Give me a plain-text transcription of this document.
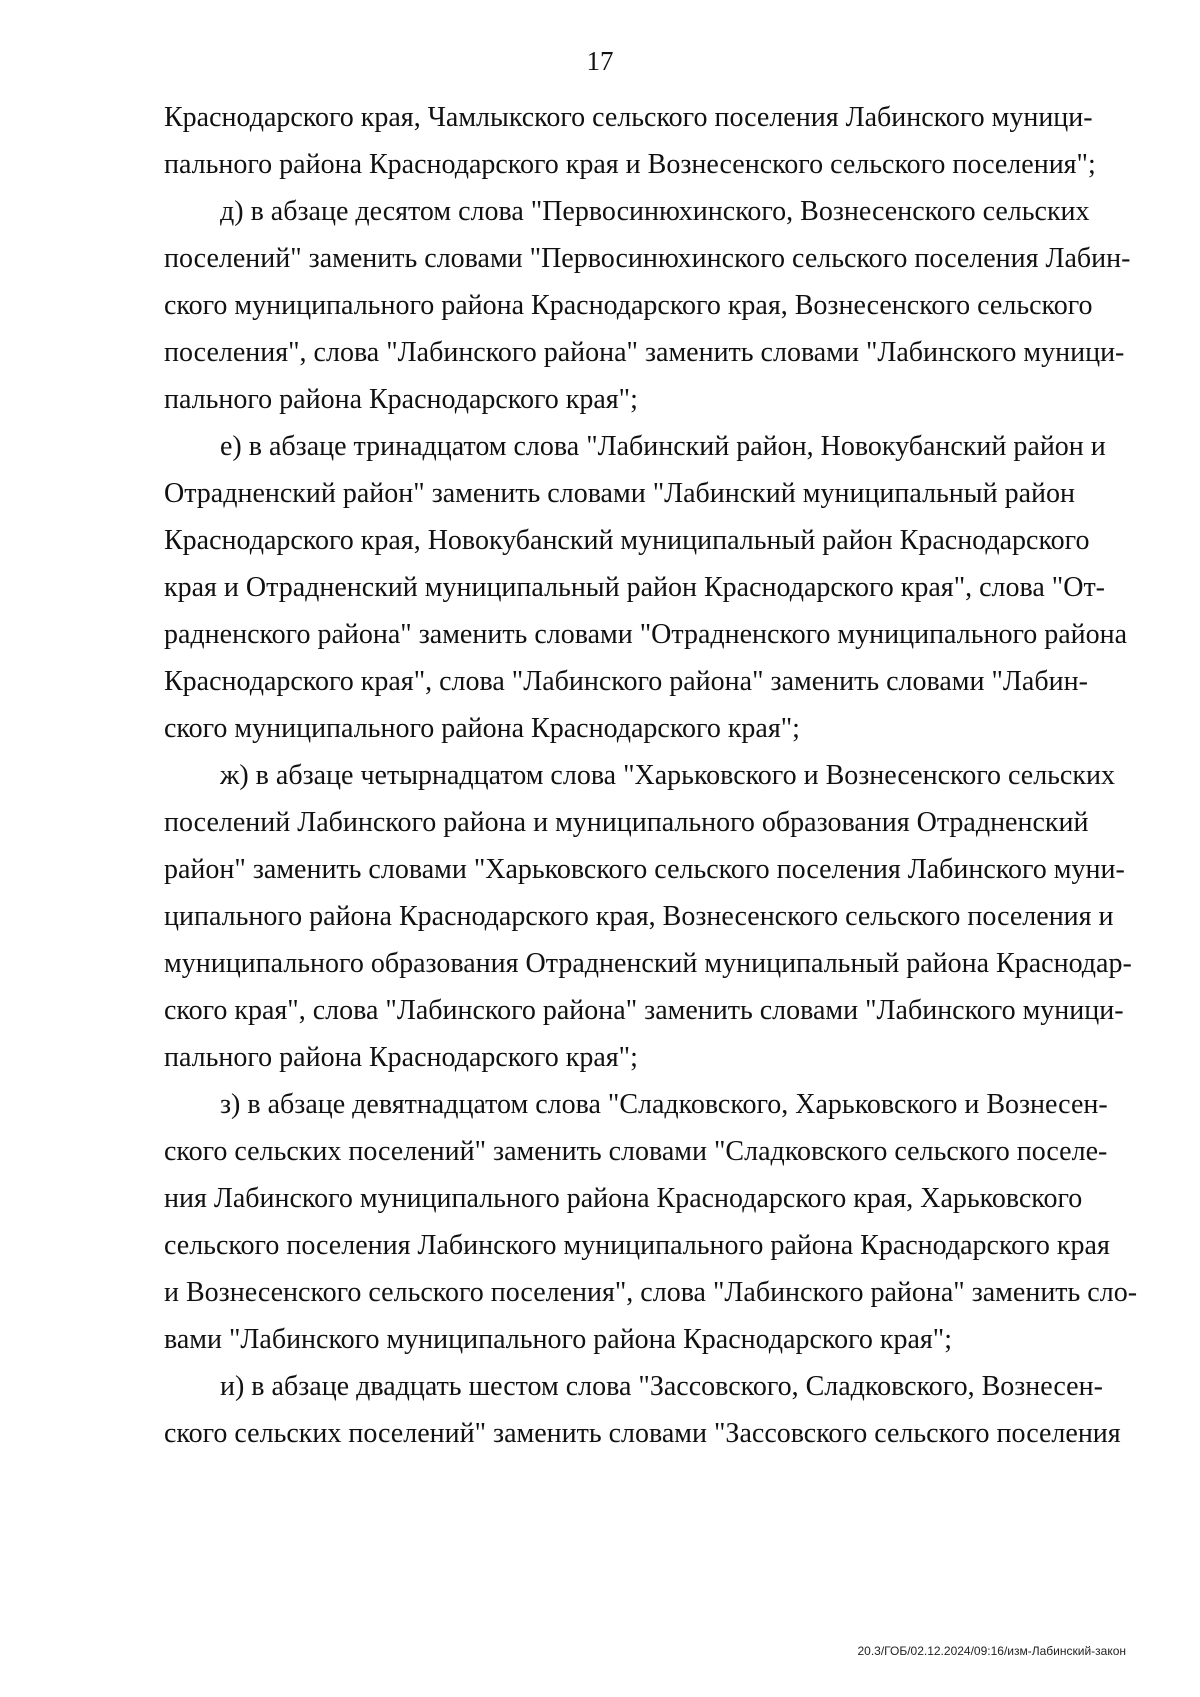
17

Краснодарского края, Чамлыкского сельского поселения Лабинского муници-
пального района Краснодарского края и Вознесенского сельского поселения";

д) в абзаце десятом слова "Первосинюхинского, Вознесенского сельских
поселений" заменить словами "Первосинюхинского сельского поселения Лабин-
ского муниципального района Краснодарского края, Вознесенского сельского
поселения", слова "Лабинского района" заменить словами "Лабинского муници-
пального района Краснодарского края";

е) в абзаце тринадцатом слова "Лабинский район, Новокубанский район и
Отрадненский район" заменить словами "Лабинский муниципальный район
Краснодарского края, Новокубанский муниципальный район Краснодарского
края и Отрадненский муниципальный район Краснодарского края", слова "От-
радненского района" заменить словами "Отрадненского муниципального района
Краснодарского края", слова "Лабинского района" заменить словами "Лабин-
ского муниципального района Краснодарского края";

ж) в абзаце четырнадцатом слова "Харьковского и Вознесенского сельских
поселений Лабинского района и муниципального образования Отрадненский
район" заменить словами "Харьковского сельского поселения Лабинского муни-
ципального района Краснодарского края, Вознесенского сельского поселения и
муниципального образования Отрадненский муниципальный района Краснодар-
ского края", слова "Лабинского района" заменить словами "Лабинского муници-
пального района Краснодарского края";

з) в абзаце девятнадцатом слова "Сладковского, Харьковского и Вознесен-
ского сельских поселений" заменить словами "Сладковского сельского поселе-
ния Лабинского муниципального района Краснодарского края, Харьковского
сельского поселения Лабинского муниципального района Краснодарского края
и Вознесенского сельского поселения", слова "Лабинского района" заменить сло-
вами "Лабинского муниципального района Краснодарского края";

и) в абзаце двадцать шестом слова "Зассовского, Сладковского, Вознесен-
ского сельских поселений" заменить словами "Зассовского сельского поселения

20.3/ГОБ/02.12.2024/09:16/изм-Лабинский-закон
